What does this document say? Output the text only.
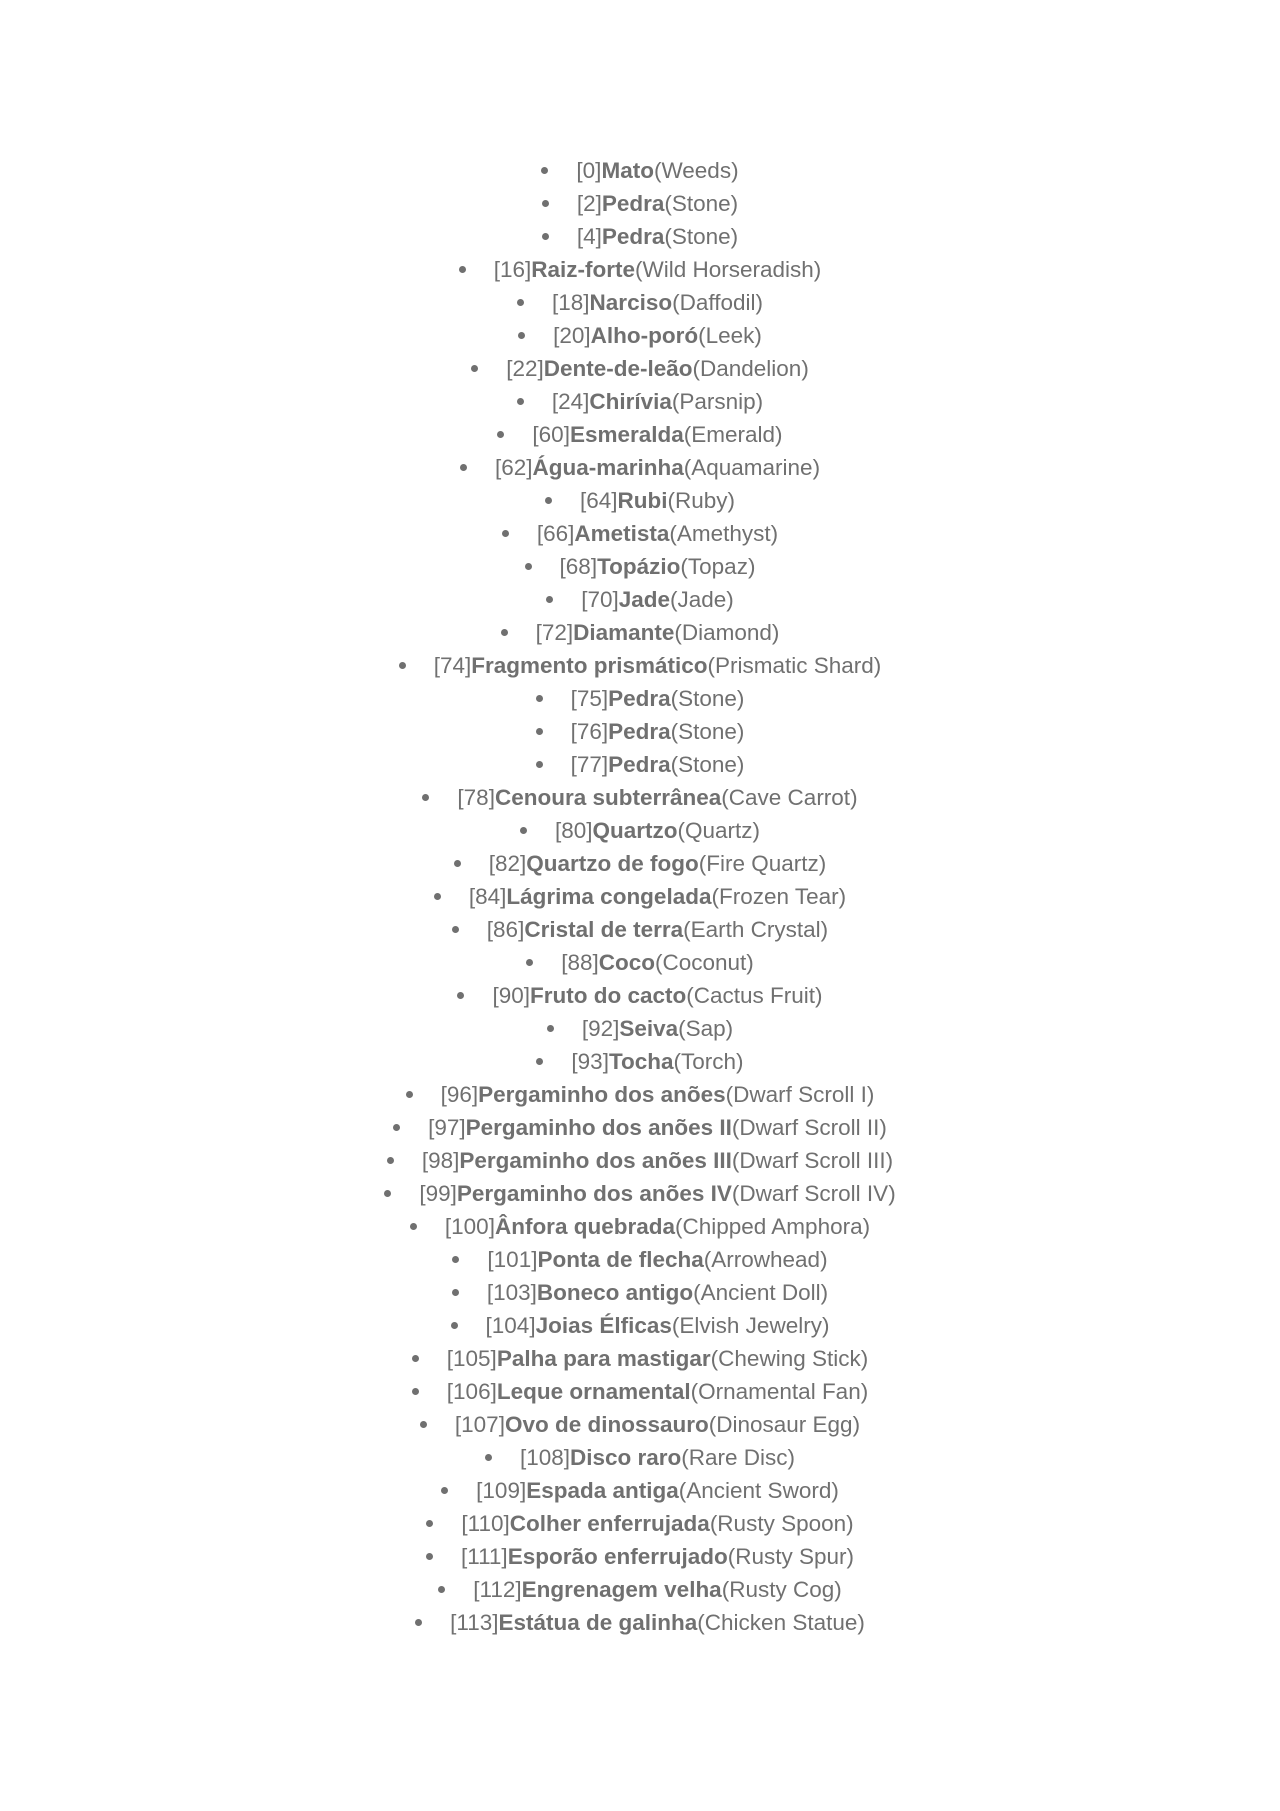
[0]Mato(Weeds)
[2]Pedra(Stone)
[4]Pedra(Stone)
[16]Raiz-forte(Wild Horseradish)
[18]Narciso(Daffodil)
[20]Alho-poró(Leek)
[22]Dente-de-leão(Dandelion)
[24]Chirívia(Parsnip)
[60]Esmeralda(Emerald)
[62]Água-marinha(Aquamarine)
[64]Rubi(Ruby)
[66]Ametista(Amethyst)
[68]Topázio(Topaz)
[70]Jade(Jade)
[72]Diamante(Diamond)
[74]Fragmento prismático(Prismatic Shard)
[75]Pedra(Stone)
[76]Pedra(Stone)
[77]Pedra(Stone)
[78]Cenoura subterrânea(Cave Carrot)
[80]Quartzo(Quartz)
[82]Quartzo de fogo(Fire Quartz)
[84]Lágrima congelada(Frozen Tear)
[86]Cristal de terra(Earth Crystal)
[88]Coco(Coconut)
[90]Fruto do cacto(Cactus Fruit)
[92]Seiva(Sap)
[93]Tocha(Torch)
[96]Pergaminho dos anões(Dwarf Scroll I)
[97]Pergaminho dos anões II(Dwarf Scroll II)
[98]Pergaminho dos anões III(Dwarf Scroll III)
[99]Pergaminho dos anões IV(Dwarf Scroll IV)
[100]Ânfora quebrada(Chipped Amphora)
[101]Ponta de flecha(Arrowhead)
[103]Boneco antigo(Ancient Doll)
[104]Joias Élficas(Elvish Jewelry)
[105]Palha para mastigar(Chewing Stick)
[106]Leque ornamental(Ornamental Fan)
[107]Ovo de dinossauro(Dinosaur Egg)
[108]Disco raro(Rare Disc)
[109]Espada antiga(Ancient Sword)
[110]Colher enferrujada(Rusty Spoon)
[111]Esporão enferrujado(Rusty Spur)
[112]Engrenagem velha(Rusty Cog)
[113]Estátua de galinha(Chicken Statue)
